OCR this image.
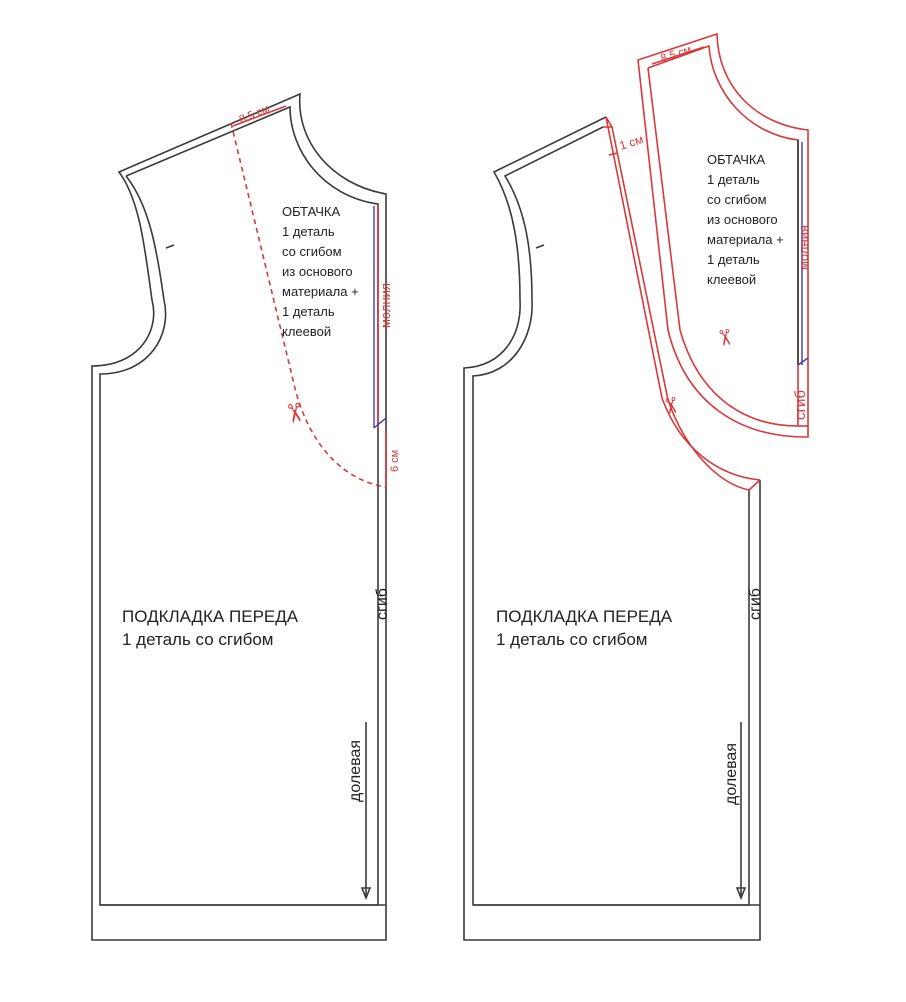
8,5 см
6 см
✂
ОБТАЧКА
1 деталь
со сгибом
из основого
материала +
1 деталь
клеевой
молния
сгиб
долевая
ПОДКЛАДКА ПЕРЕДА
1 деталь со сгибом
1 см
8,5 см
✂
✂
ОБТАЧКА
1 деталь
со сгибом
из основого
материала +
1 деталь
клеевой
молния
сгиб
сгиб
долевая
ПОДКЛАДКА ПЕРЕДА
1 деталь со сгибом
